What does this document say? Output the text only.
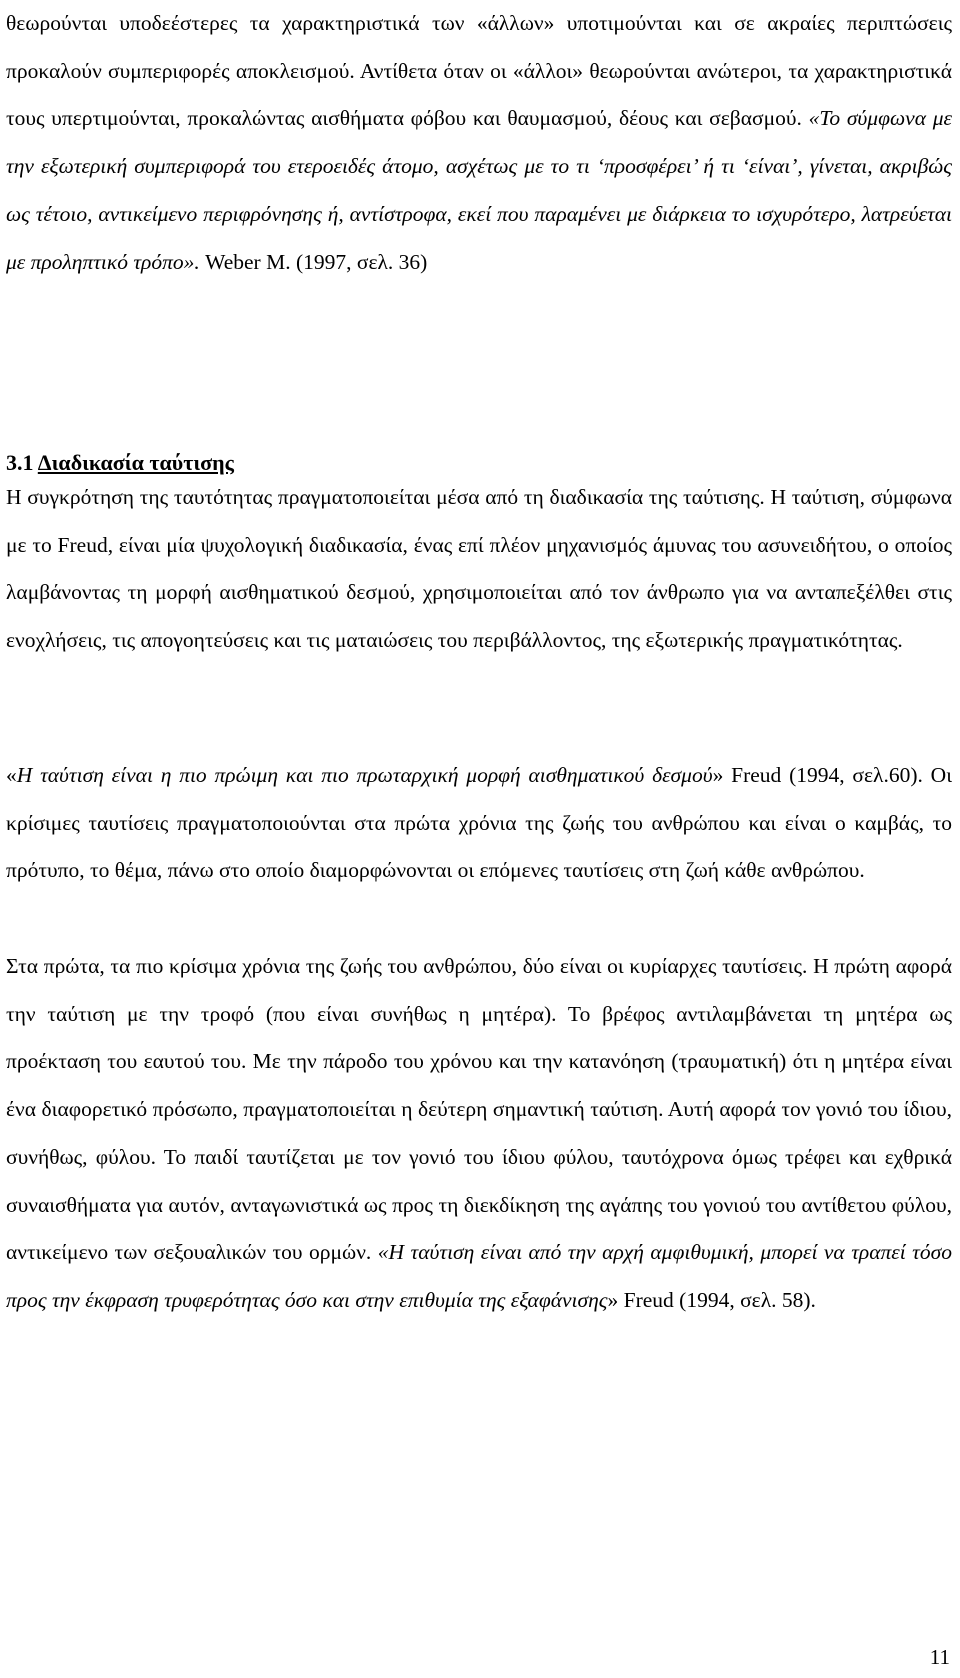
θεωρούνται υποδεέστερες τα χαρακτηριστικά των «άλλων» υποτιμούνται και σε ακραίες περιπτώσεις προκαλούν συμπεριφορές αποκλεισμού. Αντίθετα όταν οι «άλλοι» θεωρούνται ανώτεροι, τα χαρακτηριστικά τους υπερτιμούνται, προκαλώντας αισθήματα φόβου και θαυμασμού, δέους και σεβασμού. «Το σύμφωνα με την εξωτερική συμπεριφορά του ετεροειδές άτομο, ασχέτως με το τι ‘προσφέρει’ ή τι ‘είναι’, γίνεται, ακριβώς ως τέτοιο, αντικείμενο περιφρόνησης ή, αντίστροφα, εκεί που παραμένει με διάρκεια το ισχυρότερο, λατρεύεται με προληπτικό τρόπο». Weber M. (1997, σελ. 36)

3.1 Διαδικασία ταύτισης

Η συγκρότηση της ταυτότητας πραγματοποιείται μέσα από τη διαδικασία της ταύτισης. Η ταύτιση, σύμφωνα με το Freud, είναι μία ψυχολογική διαδικασία, ένας επί πλέον μηχανισμός άμυνας του ασυνειδήτου, ο οποίος λαμβάνοντας τη μορφή αισθηματικού δεσμού, χρησιμοποιείται από τον άνθρωπο για να ανταπεξέλθει στις ενοχλήσεις, τις απογοητεύσεις και τις ματαιώσεις του περιβάλλοντος, της εξωτερικής πραγματικότητας.

«Η ταύτιση είναι η πιο πρώιμη και πιο πρωταρχική μορφή αισθηματικού δεσμού» Freud (1994, σελ.60). Οι κρίσιμες ταυτίσεις πραγματοποιούνται στα πρώτα χρόνια της ζωής του ανθρώπου και είναι ο καμβάς, το πρότυπο, το θέμα, πάνω στο οποίο διαμορφώνονται οι επόμενες ταυτίσεις στη ζωή κάθε ανθρώπου.

Στα πρώτα, τα πιο κρίσιμα χρόνια της ζωής του ανθρώπου, δύο είναι οι κυρίαρχες ταυτίσεις. Η πρώτη αφορά την ταύτιση με την τροφό (που είναι συνήθως η μητέρα). Το βρέφος αντιλαμβάνεται τη μητέρα ως προέκταση του εαυτού του. Με την πάροδο του χρόνου και την κατανόηση (τραυματική) ότι η μητέρα είναι ένα διαφορετικό πρόσωπο, πραγματοποιείται η δεύτερη σημαντική ταύτιση. Αυτή αφορά τον γονιό του ίδιου, συνήθως, φύλου. Το παιδί ταυτίζεται με τον γονιό του ίδιου φύλου, ταυτόχρονα όμως τρέφει και εχθρικά συναισθήματα για αυτόν, ανταγωνιστικά ως προς τη διεκδίκηση της αγάπης του γονιού του αντίθετου φύλου, αντικείμενο των σεξουαλικών του ορμών. «Η ταύτιση είναι από την αρχή αμφιθυμική, μπορεί να τραπεί τόσο προς την έκφραση τρυφερότητας όσο και στην επιθυμία της εξαφάνισης» Freud (1994, σελ. 58).

11
